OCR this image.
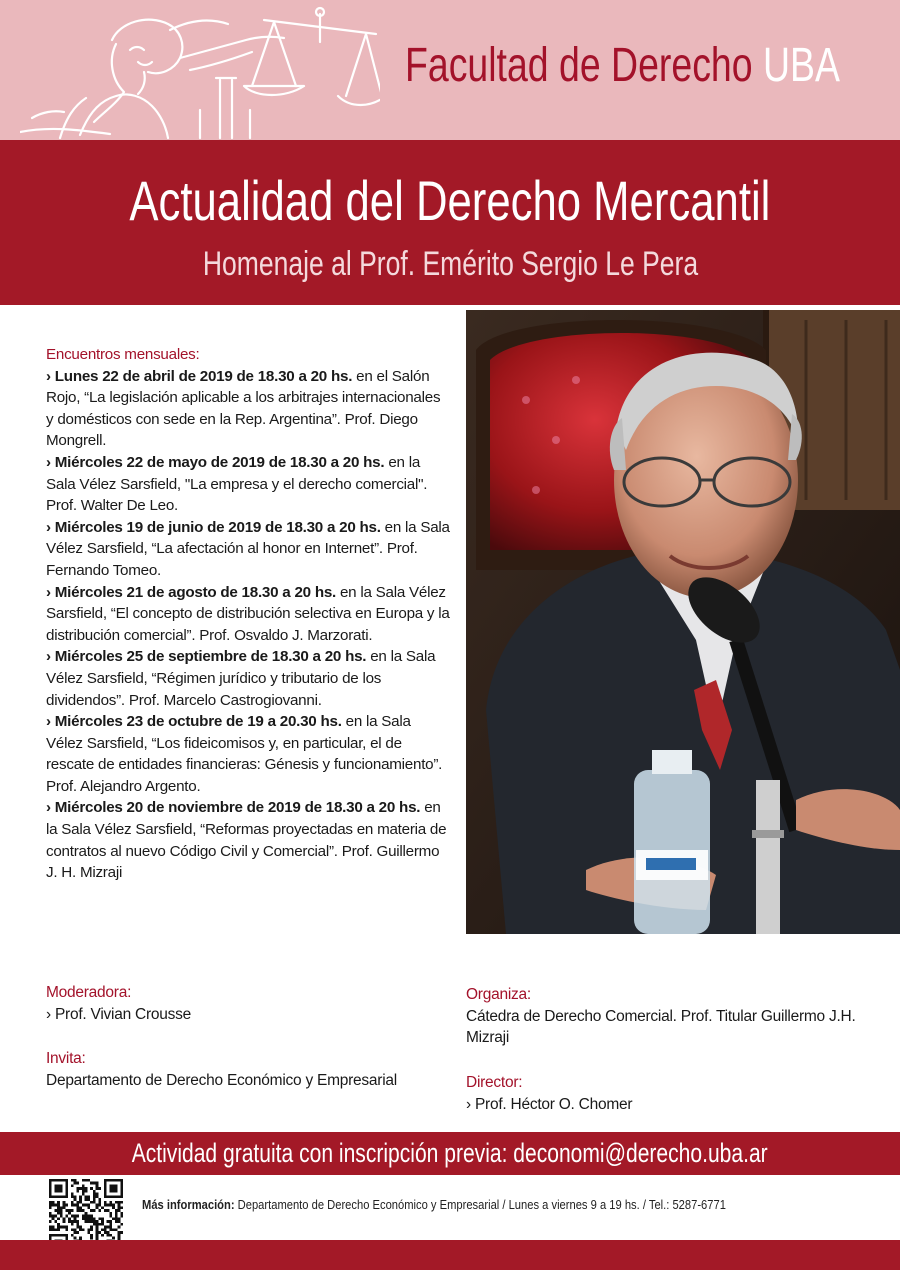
Facultad de Derecho UBA
Actualidad del Derecho Mercantil
Homenaje al Prof. Emérito Sergio Le Pera
Encuentros mensuales:

› Lunes 22 de abril de 2019 de 18.30 a 20 hs. en el Salón Rojo, “La legislación aplicable a los arbitrajes internacionales y domésticos con sede en la Rep. Argentina”. Prof. Diego Mongrell.

› Miércoles 22 de mayo de 2019 de 18.30 a 20 hs. en la Sala Vélez Sarsfield, "La empresa y el derecho comercial". Prof. Walter De Leo.

› Miércoles 19 de junio de 2019 de 18.30 a 20 hs. en la Sala Vélez Sarsfield, “La afectación al honor en Internet”. Prof. Fernando Tomeo.

› Miércoles 21 de agosto de 18.30 a 20 hs. en la Sala Vélez Sarsfield, “El concepto de distribución selectiva en Europa y la distribución comercial”. Prof. Osvaldo J. Marzorati.

› Miércoles 25 de septiembre de 18.30 a 20 hs. en la Sala Vélez Sarsfield, “Régimen jurídico y tributario de los dividendos”. Prof. Marcelo Castrogiovanni.

› Miércoles 23 de octubre de 19 a 20.30 hs. en la Sala Vélez Sarsfield, “Los fideicomisos y, en particular, el de rescate de entidades financieras: Génesis y funcionamiento”. Prof. Alejandro Argento.

› Miércoles 20 de noviembre de 2019 de 18.30 a 20 hs. en la Sala Vélez Sarsfield, “Reformas proyectadas en materia de contratos al nuevo Código Civil y Comercial”. Prof. Guillermo J. H. Mizraji

Moderadora:
› Prof. Vivian Crousse
Invita:
Departamento de Derecho Económico y Empresarial
Organiza:
Cátedra de Derecho Comercial. Prof. Titular Guillermo J.H. Mizraji
Director:
› Prof. Héctor O. Chomer
Actividad gratuita con inscripción previa: deconomi@derecho.uba.ar
Más información: Departamento de Derecho Económico y Empresarial / Lunes a viernes 9 a 19 hs. / Tel.: 5287-6771
